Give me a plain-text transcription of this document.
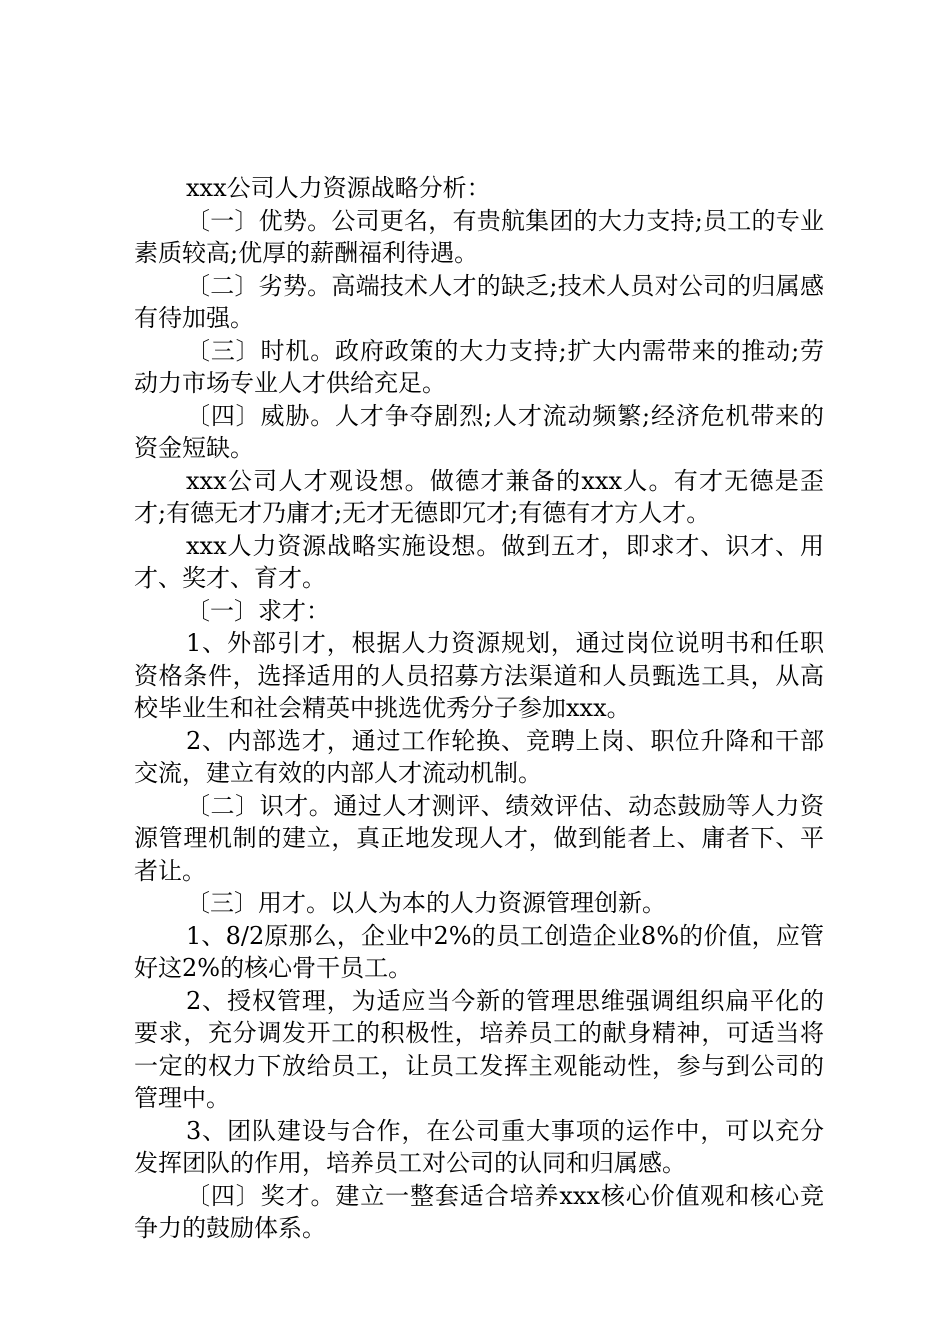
xxx公司人力资源战略分析：

〔一〕优势。公司更名，有贵航集团的大力支持;员工的专业素质较高;优厚的薪酬福利待遇。

〔二〕劣势。高端技术人才的缺乏;技术人员对公司的归属感有待加强。

〔三〕时机。政府政策的大力支持;扩大内需带来的推动;劳动力市场专业人才供给充足。

〔四〕威胁。人才争夺剧烈;人才流动频繁;经济危机带来的资金短缺。

xxx公司人才观设想。做德才兼备的xxx人。有才无德是歪才;有德无才乃庸才;无才无德即冗才;有德有才方人才。

xxx人力资源战略实施设想。做到五才，即求才、识才、用才、奖才、育才。

〔一〕求才：

1、外部引才，根据人力资源规划，通过岗位说明书和任职资格条件，选择适用的人员招募方法渠道和人员甄选工具，从高校毕业生和社会精英中挑选优秀分子参加xxx。

2、内部选才，通过工作轮换、竞聘上岗、职位升降和干部交流，建立有效的内部人才流动机制。

〔二〕识才。通过人才测评、绩效评估、动态鼓励等人力资源管理机制的建立，真正地发现人才，做到能者上、庸者下、平者让。

〔三〕用才。以人为本的人力资源管理创新。

1、8/2原那么，企业中2%的员工创造企业8%的价值，应管好这2%的核心骨干员工。

2、授权管理，为适应当今新的管理思维强调组织扁平化的要求，充分调发开工的积极性，培养员工的献身精神，可适当将一定的权力下放给员工，让员工发挥主观能动性，参与到公司的管理中。

3、团队建设与合作，在公司重大事项的运作中，可以充分发挥团队的作用，培养员工对公司的认同和归属感。

〔四〕奖才。建立一整套适合培养xxx核心价值观和核心竞争力的鼓励体系。
